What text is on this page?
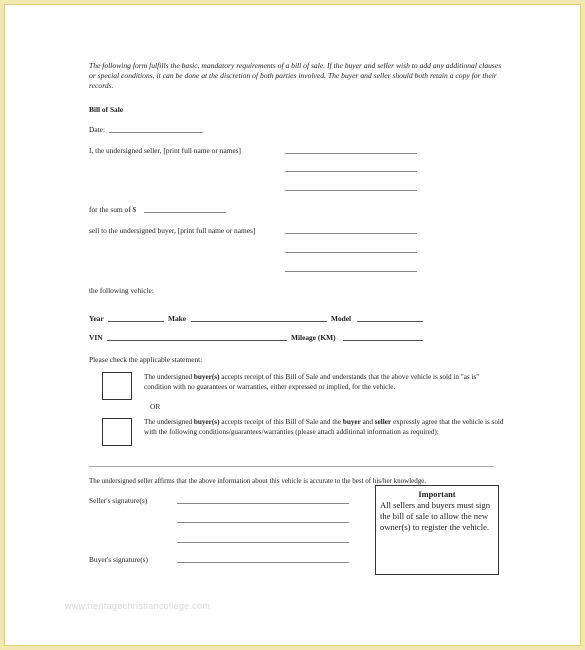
The following form fulfills the basic, mandatory requirements of a bill of sale. If the buyer and seller wish to add any additional clauses or special conditions, it can be done at the discretion of both parties involved. The buyer and seller should both retain a copy for their records.
Bill of Sale
Date:
I, the undersigned seller, [print full name or names]
for the sum of $
sell to the undersigned buyer, [print full name or names]
the following vehicle:
Year	Make	Model
VIN	Mileage (KM)
Please check the applicable statement:
The undersigned buyer(s) accepts receipt of this Bill of Sale and understands that the above vehicle is sold in "as is" condition with no guarantees or warranties, either expressed or implied, for the vehicle.
OR
The undersigned buyer(s) accepts receipt of this Bill of Sale and the buyer and seller expressly agree that the vehicle is sold with the following conditions/guarantees/warranties (please attach additional information as required):
The undersigned seller affirms that the above information about this vehicle is accurate to the best of his/her knowledge.
Seller's signature(s)
Buyer's signature(s)
Important
All sellers and buyers must sign the bill of sale to allow the new owner(s) to register the vehicle.
www.heritagechristiancollege.com
